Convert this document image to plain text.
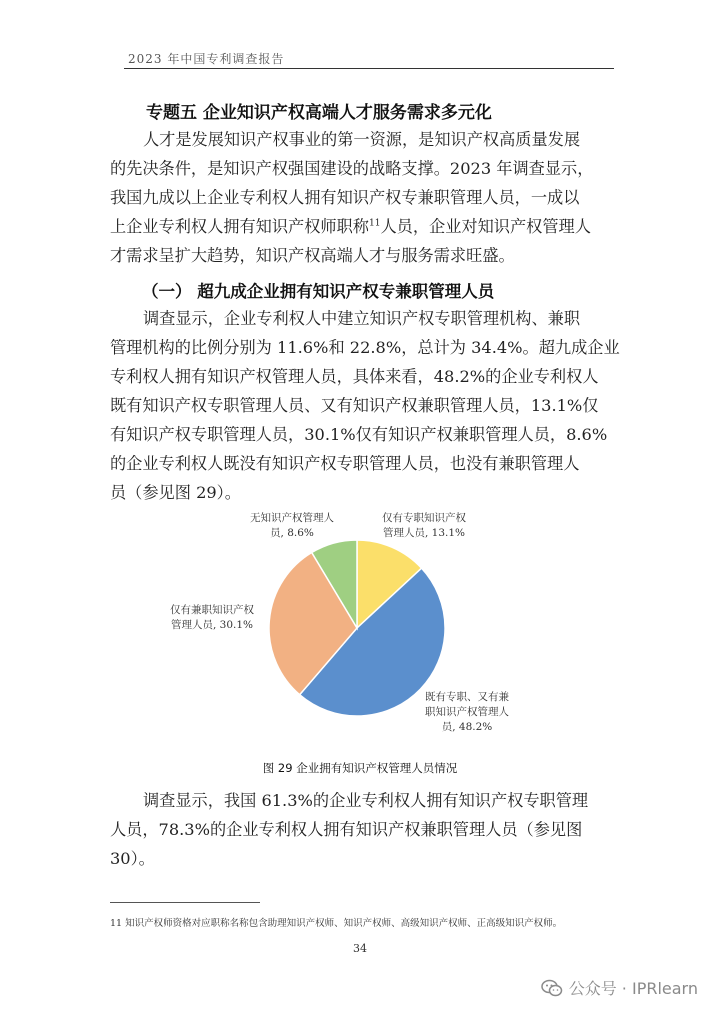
2023 年中国专利调查报告
专题五 企业知识产权高端人才服务需求多元化
人才是发展知识产权事业的第一资源，是知识产权高质量发展
的先决条件，是知识产权强国建设的战略支撑。2023 年调查显示，
我国九成以上企业专利权人拥有知识产权专兼职管理人员，一成以
上企业专利权人拥有知识产权师职称$^{11}$人员，企业对知识产权管理人
才需求呈扩大趋势，知识产权高端人才与服务需求旺盛。
（一） 超九成企业拥有知识产权专兼职管理人员
调查显示，企业专利权人中建立知识产权专职管理机构、兼职
管理机构的比例分别为 11.6%和 22.8%，总计为 34.4%。超九成企业
专利权人拥有知识产权管理人员，具体来看，48.2%的企业专利权人
既有知识产权专职管理人员、又有知识产权兼职管理人员，13.1%仅
有知识产权专职管理人员，30.1%仅有知识产权兼职管理人员，8.6%
的企业专利权人既没有知识产权专职管理人员，也没有兼职管理人
员（参见图 29）。
仅有专职知识产权
管理人员, 13.1%
既有专职、又有兼
职知识产权管理人
员, 48.2%
仅有兼职知识产权
管理人员, 30.1%
无知识产权管理人
员, 8.6%
图 29 企业拥有知识产权管理人员情况
调查显示，我国 61.3%的企业专利权人拥有知识产权专职管理
人员，78.3%的企业专利权人拥有知识产权兼职管理人员（参见图
30）。
11 知识产权师资格对应职称名称包含助理知识产权师、知识产权师、高级知识产权师、正高级知识产权师。
34
公众号 · IPRlearn
